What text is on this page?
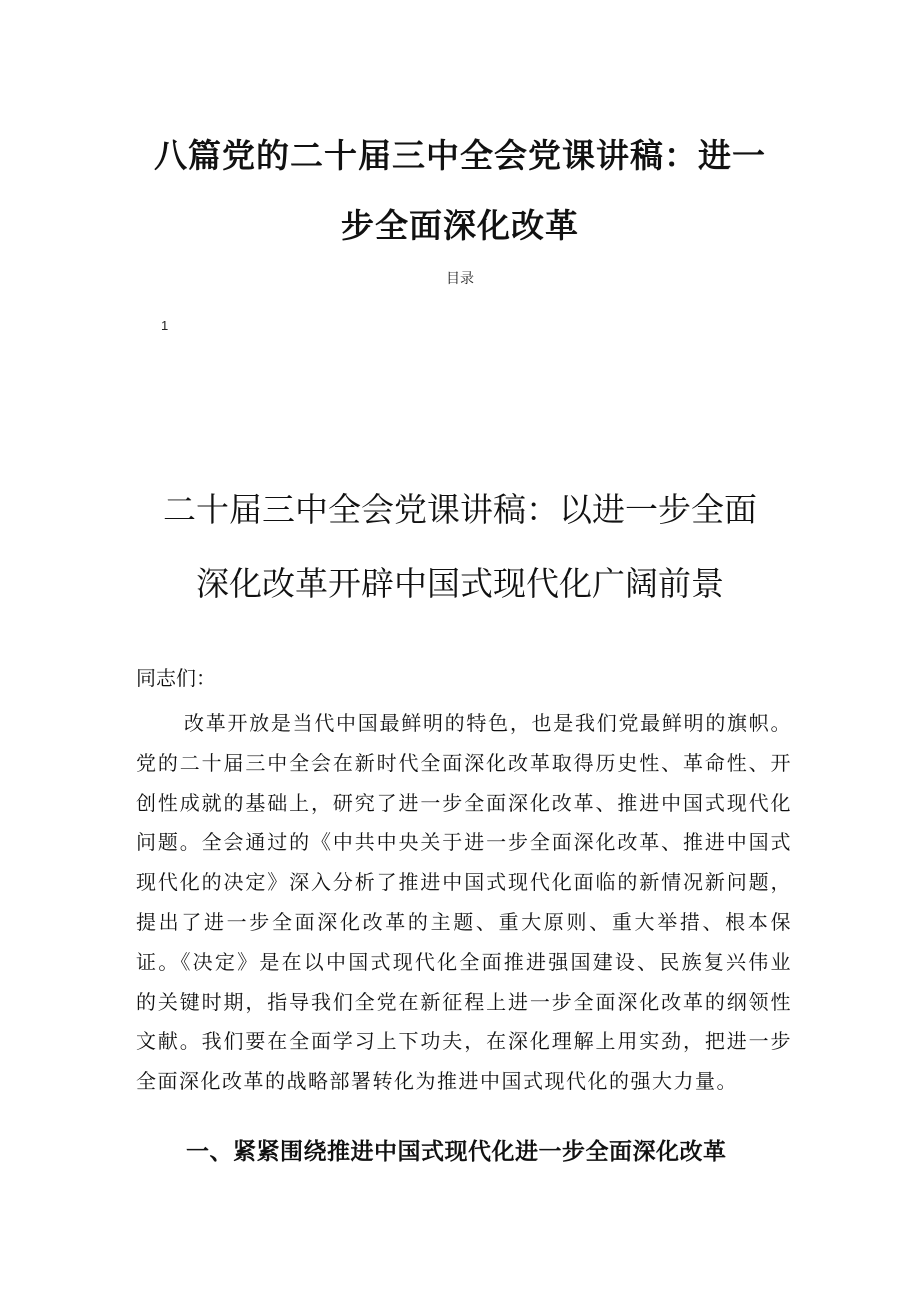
八篇党的二十届三中全会党课讲稿：进一
步全面深化改革
目录
1
二十届三中全会党课讲稿：以进一步全面
深化改革开辟中国式现代化广阔前景
同志们：

改革开放是当代中国最鲜明的特色，也是我们党最鲜明的旗帜。党的二十届三中全会在新时代全面深化改革取得历史性、革命性、开创性成就的基础上，研究了进一步全面深化改革、推进中国式现代化问题。全会通过的《中共中央关于进一步全面深化改革、推进中国式现代化的决定》深入分析了推进中国式现代化面临的新情况新问题，提出了进一步全面深化改革的主题、重大原则、重大举措、根本保证。《决定》是在以中国式现代化全面推进强国建设、民族复兴伟业的关键时期，指导我们全党在新征程上进一步全面深化改革的纲领性文献。我们要在全面学习上下功夫，在深化理解上用实劲，把进一步全面深化改革的战略部署转化为推进中国式现代化的强大力量。

一、紧紧围绕推进中国式现代化进一步全面深化改革
